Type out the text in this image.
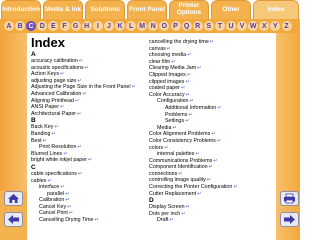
Introduction Media & Ink	Solutions	Front Panel	Printer Options	Other	Index
A B C D E F G H	I	J K L M N O P Q R S T U V W X Y Z
Index
A
accuracy calibration↵
acoustic specifications↵
Action Keys↵
adjusting page size↵
Adjusting the Page Size in the Front Panel↵
Advanced Calibration↵
Aligning Printhead↵
ANSI Paper↵
Architectural Paper↵
B
Back Key↵
Banding↵
Best↵
Print Resolution↵
Blurred Lines↵
bright white inkjet paper↵
C
cable specifications↵
cables↵
interface↵
parallel↵
Calibration↵
Cancel Key↵
Cancel Print↵
Cancelling Drying Time↵
cancelling the drying time↵
canvas↵
choosing media↵
clear film↵
Clearing Media Jam↵
Clipped Images↵
clipped images↵
coated paper↵
Color Accuracy↵
Configuration↵
Additional Information↵
Problems↵
Settings↵
Media↵
Color Alignment Problems↵
Color Consistency Problems↵
colors↵
internal palettes↵
Communications Problems↵
Component Identification↵
connections↵
controlling image quality↵
Correcting the Printer Configuration↵
Cutter Replacement↵
D
Display Screen↵
Dots per inch↵
Draft↵
